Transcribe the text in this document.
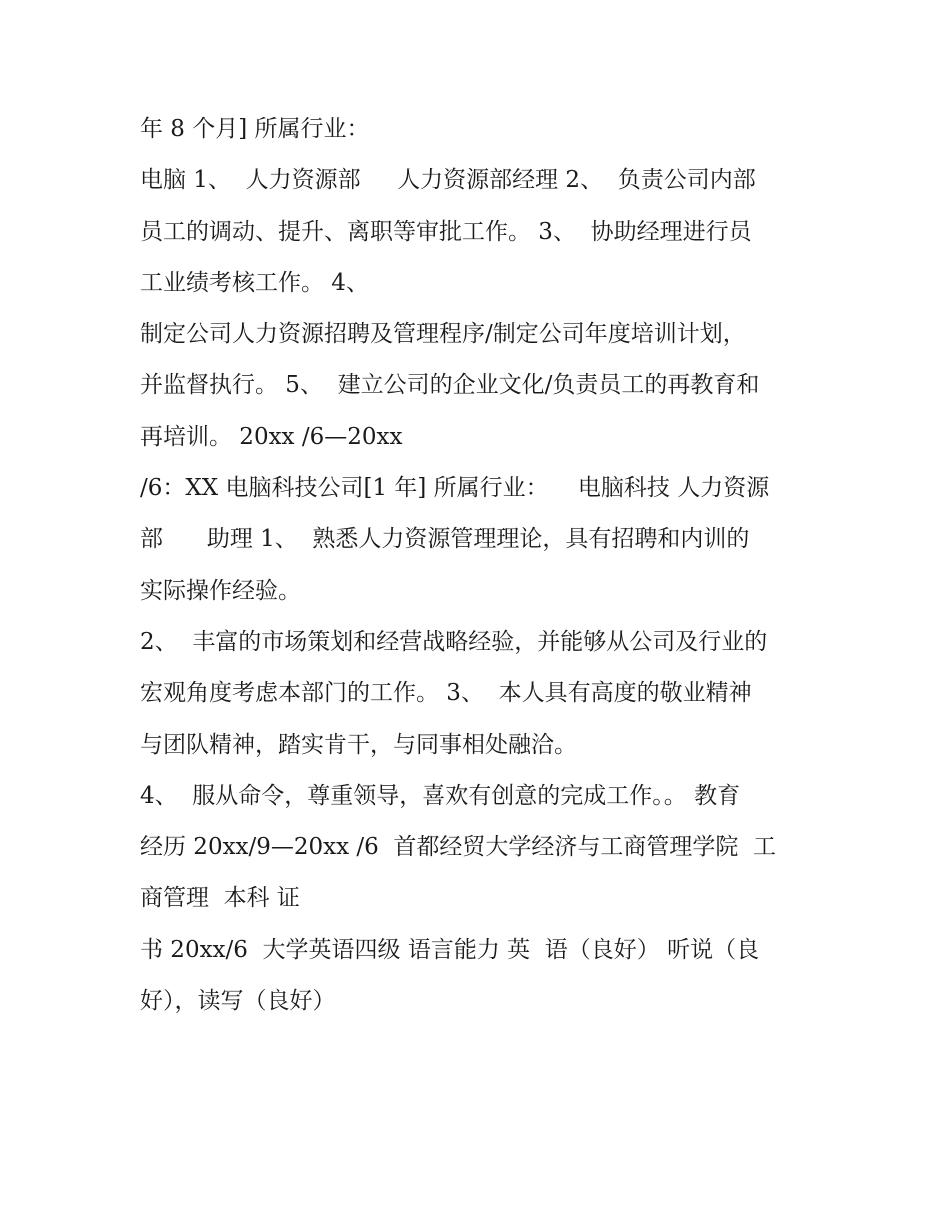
年 8 个月] 所属行业：
电脑 1、  人力资源部     人力资源部经理 2、  负责公司内部
员工的调动、提升、离职等审批工作。 3、  协助经理进行员
工业绩考核工作。 4、
制定公司人力资源招聘及管理程序/制定公司年度培训计划，
并监督执行。 5、  建立公司的企业文化/负责员工的再教育和
再培训。 20xx /6—20xx
/6：XX 电脑科技公司[1 年] 所属行业：    电脑科技 人力资源
部      助理 1、  熟悉人力资源管理理论，具有招聘和内训的
实际操作经验。
2、  丰富的市场策划和经营战略经验，并能够从公司及行业的
宏观角度考虑本部门的工作。 3、  本人具有高度的敬业精神
与团队精神，踏实肯干，与同事相处融洽。
4、  服从命令，尊重领导，喜欢有创意的完成工作。。 教育
经历 20xx/9—20xx /6  首都经贸大学经济与工商管理学院  工
商管理  本科 证
书 20xx/6  大学英语四级 语言能力 英  语（良好） 听说（良
好），读写（良好）
